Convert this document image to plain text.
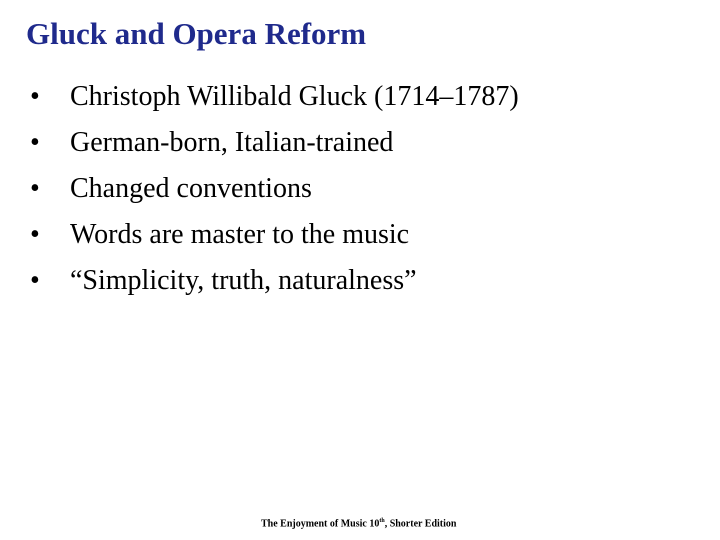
Gluck and Opera Reform
• Christoph Willibald Gluck (1714–1787)
• German-born, Italian-trained
• Changed conventions
• Words are master to the music
• “Simplicity, truth, naturalness”
The Enjoyment of Music 10th, Shorter Edition
